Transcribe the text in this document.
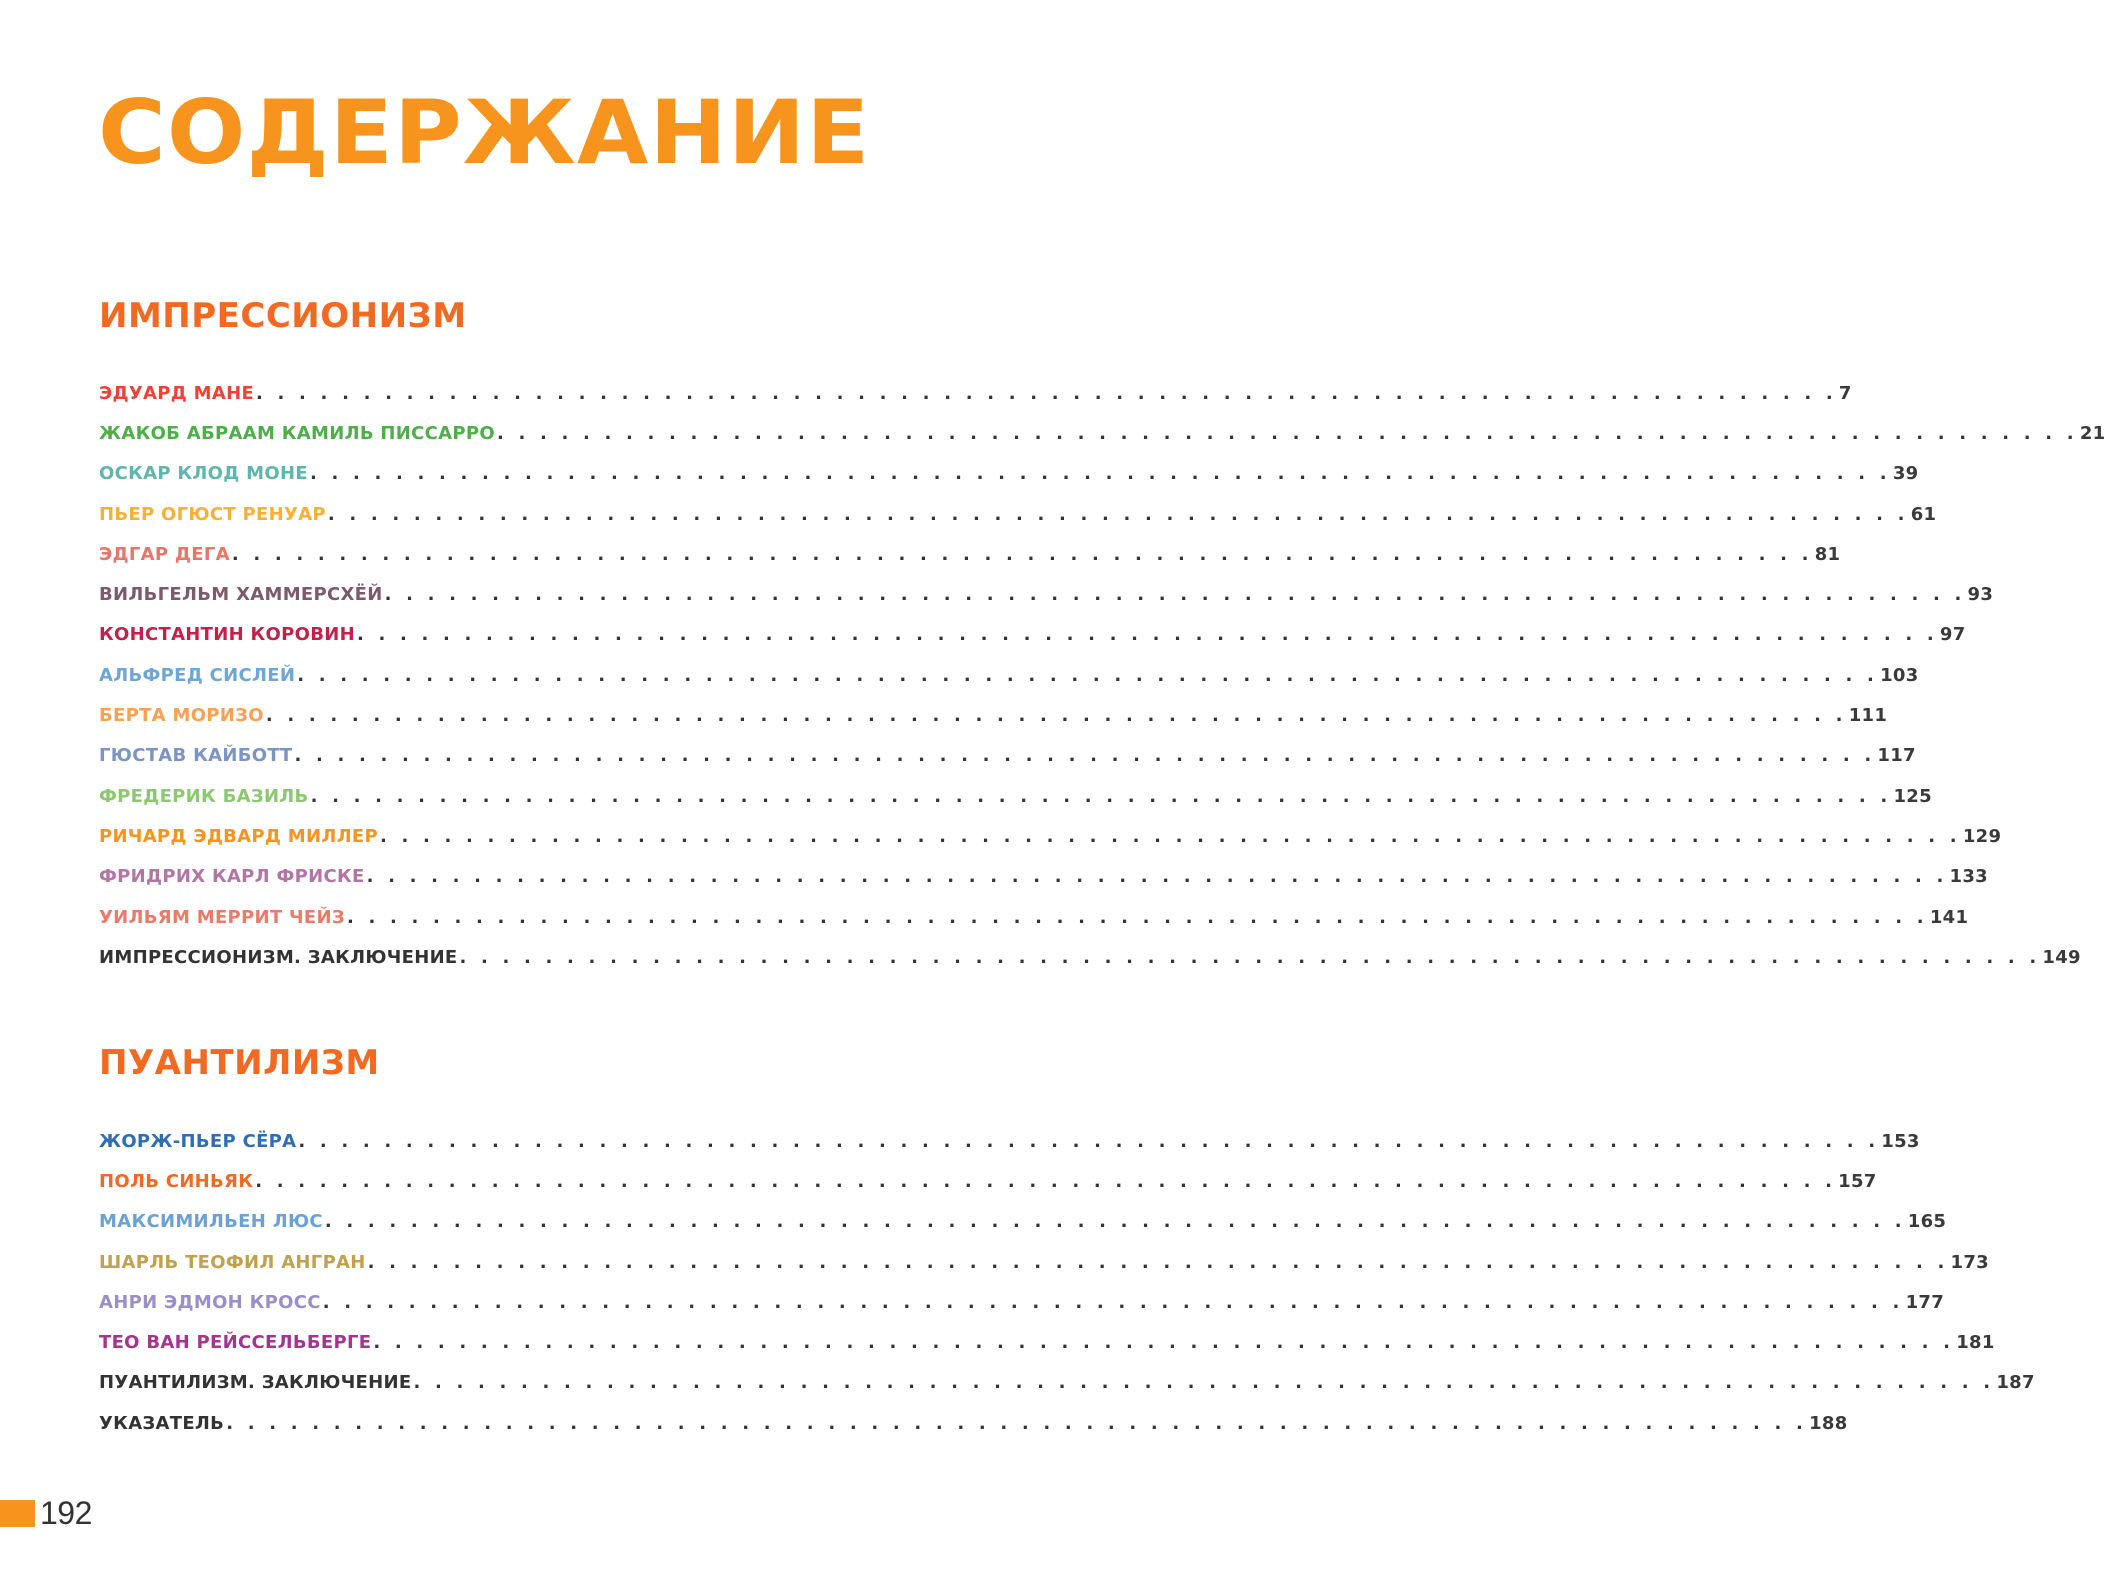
СОДЕРЖАНИЕ
ИМПРЕССИОНИЗМ
ЭДУАРД МАНЕ . . . . . . . . . . . . . . . . . . . . . . . . . . . . . . . . . . . . . . . . . . . . . . . . . . . . . . . . . . . . . . . . . . . . . . . . . . 7
ЖАКОБ АБРААМ КАМИЛЬ ПИССАРРО . . . . . . . . . . . . . . . . . . . . . . . . . . . . . . . . . . . . . . . . . . . . . . . . . . . . . . . . . . . . . . . . . . . . . . . . . . 21
ОСКАР КЛОД МОНЕ . . . . . . . . . . . . . . . . . . . . . . . . . . . . . . . . . . . . . . . . . . . . . . . . . . . . . . . . . . . . . . . . . . . . . . . . . . 39
ПЬЕР ОГЮСТ РЕНУАР . . . . . . . . . . . . . . . . . . . . . . . . . . . . . . . . . . . . . . . . . . . . . . . . . . . . . . . . . . . . . . . . . . . . . . . . . . 61
ЭДГАР ДЕГА . . . . . . . . . . . . . . . . . . . . . . . . . . . . . . . . . . . . . . . . . . . . . . . . . . . . . . . . . . . . . . . . . . . . . . . . . . 81
ВИЛЬГЕЛЬМ ХАММЕРСХЁЙ . . . . . . . . . . . . . . . . . . . . . . . . . . . . . . . . . . . . . . . . . . . . . . . . . . . . . . . . . . . . . . . . . . . . . . . . . . 93
КОНСТАНТИН КОРОВИН . . . . . . . . . . . . . . . . . . . . . . . . . . . . . . . . . . . . . . . . . . . . . . . . . . . . . . . . . . . . . . . . . . . . . . . . . . 97
АЛЬФРЕД СИСЛЕЙ . . . . . . . . . . . . . . . . . . . . . . . . . . . . . . . . . . . . . . . . . . . . . . . . . . . . . . . . . . . . . . . . . . . . . . . . . . 103
БЕРТА МОРИЗО . . . . . . . . . . . . . . . . . . . . . . . . . . . . . . . . . . . . . . . . . . . . . . . . . . . . . . . . . . . . . . . . . . . . . . . . . . 111
ГЮСТАВ КАЙБОТТ . . . . . . . . . . . . . . . . . . . . . . . . . . . . . . . . . . . . . . . . . . . . . . . . . . . . . . . . . . . . . . . . . . . . . . . . . . 117
ФРЕДЕРИК БАЗИЛЬ . . . . . . . . . . . . . . . . . . . . . . . . . . . . . . . . . . . . . . . . . . . . . . . . . . . . . . . . . . . . . . . . . . . . . . . . . . 125
РИЧАРД ЭДВАРД МИЛЛЕР . . . . . . . . . . . . . . . . . . . . . . . . . . . . . . . . . . . . . . . . . . . . . . . . . . . . . . . . . . . . . . . . . . . . . . . . . . 129
ФРИДРИХ КАРЛ ФРИСКЕ . . . . . . . . . . . . . . . . . . . . . . . . . . . . . . . . . . . . . . . . . . . . . . . . . . . . . . . . . . . . . . . . . . . . . . . . . . 133
УИЛЬЯМ МЕРРИТ ЧЕЙЗ . . . . . . . . . . . . . . . . . . . . . . . . . . . . . . . . . . . . . . . . . . . . . . . . . . . . . . . . . . . . . . . . . . . . . . . . . . 141
ИМПРЕССИОНИЗМ. ЗАКЛЮЧЕНИЕ . . . . . . . . . . . . . . . . . . . . . . . . . . . . . . . . . . . . . . . . . . . . . . . . . . . . . . . . . . . . . . . . . . . . . . . . . . 149
ПУАНТИЛИЗМ
ЖОРЖ-ПЬЕР СЁРА . . . . . . . . . . . . . . . . . . . . . . . . . . . . . . . . . . . . . . . . . . . . . . . . . . . . . . . . . . . . . . . . . . . . . . . . . . 153
ПОЛЬ СИНЬЯК . . . . . . . . . . . . . . . . . . . . . . . . . . . . . . . . . . . . . . . . . . . . . . . . . . . . . . . . . . . . . . . . . . . . . . . . . . 157
МАКСИМИЛЬЕН ЛЮС . . . . . . . . . . . . . . . . . . . . . . . . . . . . . . . . . . . . . . . . . . . . . . . . . . . . . . . . . . . . . . . . . . . . . . . . . . 165
ШАРЛЬ ТЕОФИЛ АНГРАН . . . . . . . . . . . . . . . . . . . . . . . . . . . . . . . . . . . . . . . . . . . . . . . . . . . . . . . . . . . . . . . . . . . . . . . . . . 173
АНРИ ЭДМОН КРОСС . . . . . . . . . . . . . . . . . . . . . . . . . . . . . . . . . . . . . . . . . . . . . . . . . . . . . . . . . . . . . . . . . . . . . . . . . . 177
ТЕО ВАН РЕЙССЕЛЬБЕРГЕ . . . . . . . . . . . . . . . . . . . . . . . . . . . . . . . . . . . . . . . . . . . . . . . . . . . . . . . . . . . . . . . . . . . . . . . . . . 181
ПУАНТИЛИЗМ. ЗАКЛЮЧЕНИЕ . . . . . . . . . . . . . . . . . . . . . . . . . . . . . . . . . . . . . . . . . . . . . . . . . . . . . . . . . . . . . . . . . . . . . . . . . . 187
УКАЗАТЕЛЬ . . . . . . . . . . . . . . . . . . . . . . . . . . . . . . . . . . . . . . . . . . . . . . . . . . . . . . . . . . . . . . . . . . . . . . . . . . 188
192
